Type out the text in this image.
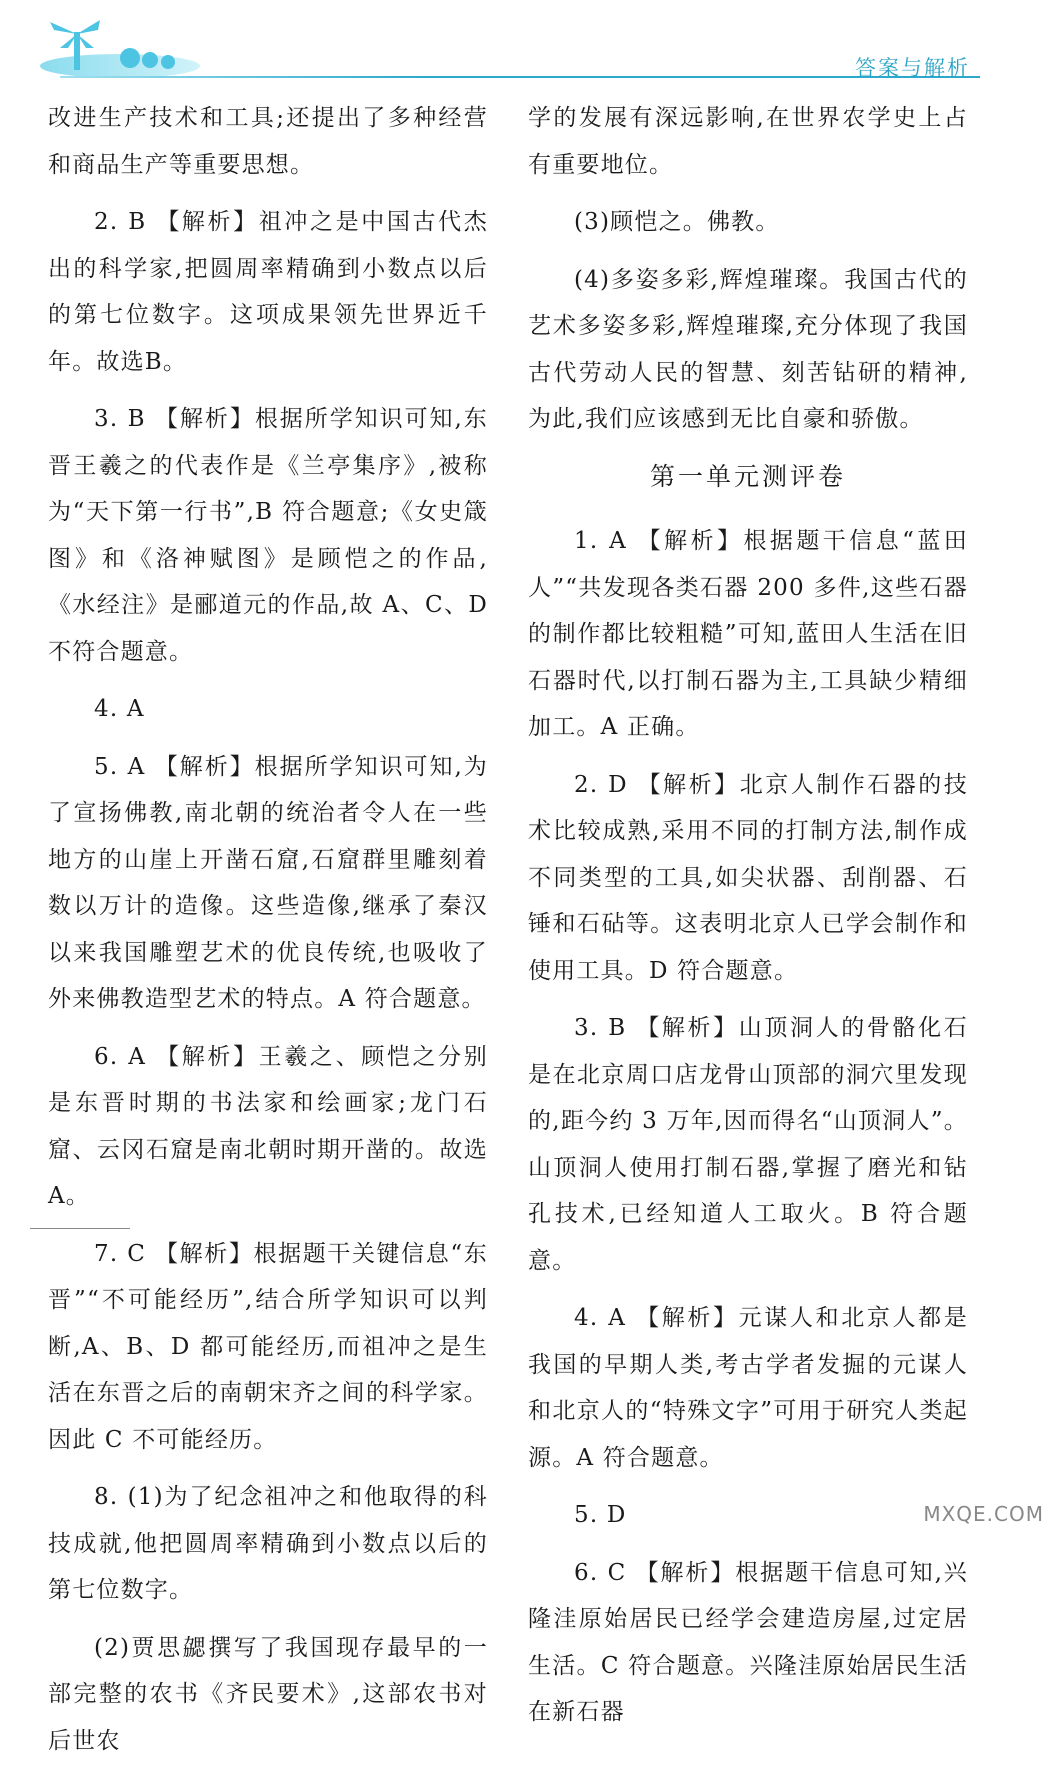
答案与解析

改进生产技术和工具;还提出了多种经营和商品生产等重要思想。

2. B 【解析】祖冲之是中国古代杰出的科学家,把圆周率精确到小数点以后的第七位数字。这项成果领先世界近千年。故选B。

3. B 【解析】根据所学知识可知,东晋王羲之的代表作是《兰亭集序》,被称为“天下第一行书”,B 符合题意;《女史箴图》和《洛神赋图》是顾恺之的作品,《水经注》是郦道元的作品,故 A、C、D 不符合题意。

4. A

5. A 【解析】根据所学知识可知,为了宣扬佛教,南北朝的统治者令人在一些地方的山崖上开凿石窟,石窟群里雕刻着数以万计的造像。这些造像,继承了秦汉以来我国雕塑艺术的优良传统,也吸收了外来佛教造型艺术的特点。A 符合题意。

6. A 【解析】王羲之、顾恺之分别是东晋时期的书法家和绘画家;龙门石窟、云冈石窟是南北朝时期开凿的。故选 A。

7. C 【解析】根据题干关键信息“东晋”“不可能经历”,结合所学知识可以判断,A、B、D 都可能经历,而祖冲之是生活在东晋之后的南朝宋齐之间的科学家。因此 C 不可能经历。

8. (1)为了纪念祖冲之和他取得的科技成就,他把圆周率精确到小数点以后的第七位数字。

(2)贾思勰撰写了我国现存最早的一部完整的农书《齐民要术》,这部农书对后世农

学的发展有深远影响,在世界农学史上占有重要地位。

(3)顾恺之。佛教。

(4)多姿多彩,辉煌璀璨。我国古代的艺术多姿多彩,辉煌璀璨,充分体现了我国古代劳动人民的智慧、刻苦钻研的精神,为此,我们应该感到无比自豪和骄傲。

第一单元测评卷

1. A 【解析】根据题干信息“蓝田人”“共发现各类石器 200 多件,这些石器的制作都比较粗糙”可知,蓝田人生活在旧石器时代,以打制石器为主,工具缺少精细加工。A 正确。

2. D 【解析】北京人制作石器的技术比较成熟,采用不同的打制方法,制作成不同类型的工具,如尖状器、刮削器、石锤和石砧等。这表明北京人已学会制作和使用工具。D 符合题意。

3. B 【解析】山顶洞人的骨骼化石是在北京周口店龙骨山顶部的洞穴里发现的,距今约 3 万年,因而得名“山顶洞人”。山顶洞人使用打制石器,掌握了磨光和钻孔技术,已经知道人工取火。B 符合题意。

4. A 【解析】元谋人和北京人都是我国的早期人类,考古学者发掘的元谋人和北京人的“特殊文字”可用于研究人类起源。A 符合题意。

5. D

6. C 【解析】根据题干信息可知,兴隆洼原始居民已经学会建造房屋,过定居生活。C 符合题意。兴隆洼原始居民生活在新石器

MXQE.COM
